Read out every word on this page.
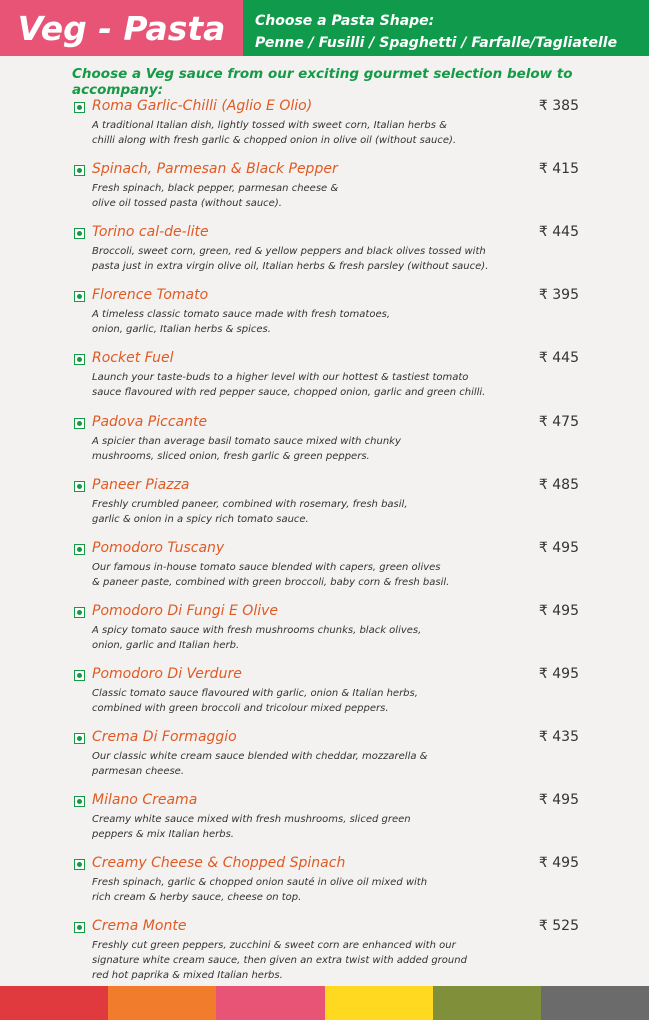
Veg - Pasta Choose a Pasta Shape:
Penne / Fusilli / Spaghetti / Farfalle/Tagliatelle
Choose a Veg sauce from our exciting gourmet selection below to accompany:
Roma Garlic-Chilli (Aglio E Olio)	₹ 385
A traditional Italian dish, lightly tossed with sweet corn, Italian herbs &
chilli along with fresh garlic & chopped onion in olive oil (without sauce).
Spinach, Parmesan & Black Pepper	₹ 415
Fresh spinach, black pepper, parmesan cheese &
olive oil tossed pasta (without sauce).
Torino cal-de-lite	₹ 445
Broccoli, sweet corn, green, red & yellow peppers and black olives tossed with
pasta just in extra virgin olive oil, Italian herbs & fresh parsley (without sauce).
Florence Tomato	₹ 395
A timeless classic tomato sauce made with fresh tomatoes,
onion, garlic, Italian herbs & spices.
Rocket Fuel	₹ 445
Launch your taste-buds to a higher level with our hottest & tastiest tomato
sauce flavoured with red pepper sauce, chopped onion, garlic and green chilli.
Padova Piccante	₹ 475
A spicier than average basil tomato sauce mixed with chunky
mushrooms, sliced onion, fresh garlic & green peppers.
Paneer Piazza	₹ 485
Freshly crumbled paneer, combined with rosemary, fresh basil,
garlic & onion in a spicy rich tomato sauce.
Pomodoro Tuscany	₹ 495
Our famous in-house tomato sauce blended with capers, green olives
& paneer paste, combined with green broccoli, baby corn & fresh basil.
Pomodoro Di Fungi E Olive	₹ 495
A spicy tomato sauce with fresh mushrooms chunks, black olives,
onion, garlic and Italian herb.
Pomodoro Di Verdure	₹ 495
Classic tomato sauce flavoured with garlic, onion & Italian herbs,
combined with green broccoli and tricolour mixed peppers.
Crema Di Formaggio	₹ 435
Our classic white cream sauce blended with cheddar, mozzarella &
parmesan cheese.
Milano Creama	₹ 495
Creamy white sauce mixed with fresh mushrooms, sliced green
peppers & mix Italian herbs.
Creamy Cheese & Chopped Spinach	₹ 495
Fresh spinach, garlic & chopped onion sauté in olive oil mixed with
rich cream & herby sauce, cheese on top.
Crema Monte	₹ 525
Freshly cut green peppers, zucchini & sweet corn are enhanced with our
signature white cream sauce, then given an extra twist with added ground
red hot paprika & mixed Italian herbs.
